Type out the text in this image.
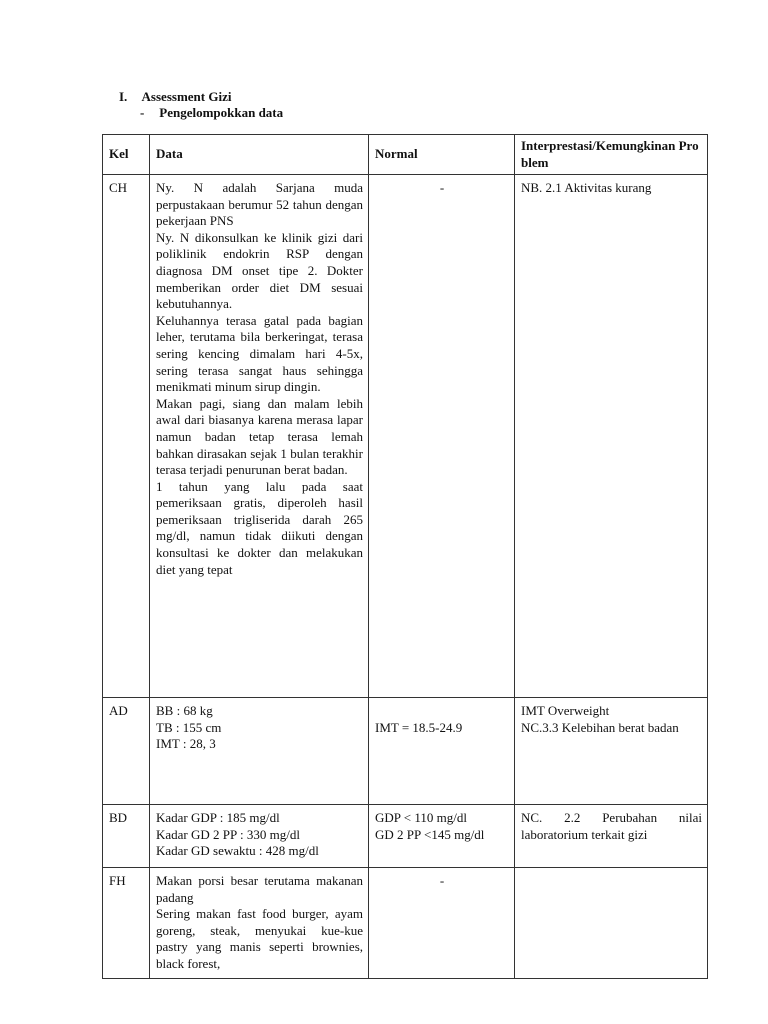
I. Assessment Gizi
- Pengelompokkan data
Kel	Data	Normal	Interprestasi/Kemungkinan Problem
CH	Ny. N adalah Sarjana muda perpustakaan berumur 52 tahun dengan pekerjaan PNS
Ny. N dikonsulkan ke klinik gizi dari poliklinik endokrin RSP dengan diagnosa DM onset tipe 2. Dokter memberikan order diet DM sesuai kebutuhannya.
Keluhannya terasa gatal pada bagian leher, terutama bila berkeringat, terasa sering kencing dimalam hari 4-5x, sering terasa sangat haus sehingga menikmati minum sirup dingin.
Makan pagi, siang dan malam lebih awal dari biasanya karena merasa lapar namun badan tetap terasa lemah bahkan dirasakan sejak 1 bulan terakhir terasa terjadi penurunan berat badan.
1 tahun yang lalu pada saat pemeriksaan gratis, diperoleh hasil pemeriksaan trigliserida darah 265 mg/dl, namun tidak diikuti dengan konsultasi ke dokter dan melakukan diet yang tepat	-	NB. 2.1 Aktivitas kurang

AD	BB : 68 kg
TB : 155 cm
IMT : 28, 3	IMT = 18.5-24.9	IMT Overweight
NC.3.3 Kelebihan berat badan

BD	Kadar GDP : 185 mg/dl
Kadar GD 2 PP : 330 mg/dl
Kadar GD sewaktu : 428 mg/dl	GDP < 110 mg/dl
GD 2 PP <145 mg/dl	NC. 2.2 Perubahan nilai laboratorium terkait gizi

FH	Makan porsi besar terutama makanan padang
Sering makan fast food burger, ayam goreng, steak, menyukai kue-kue pastry yang manis seperti brownies, black forest,	-	
